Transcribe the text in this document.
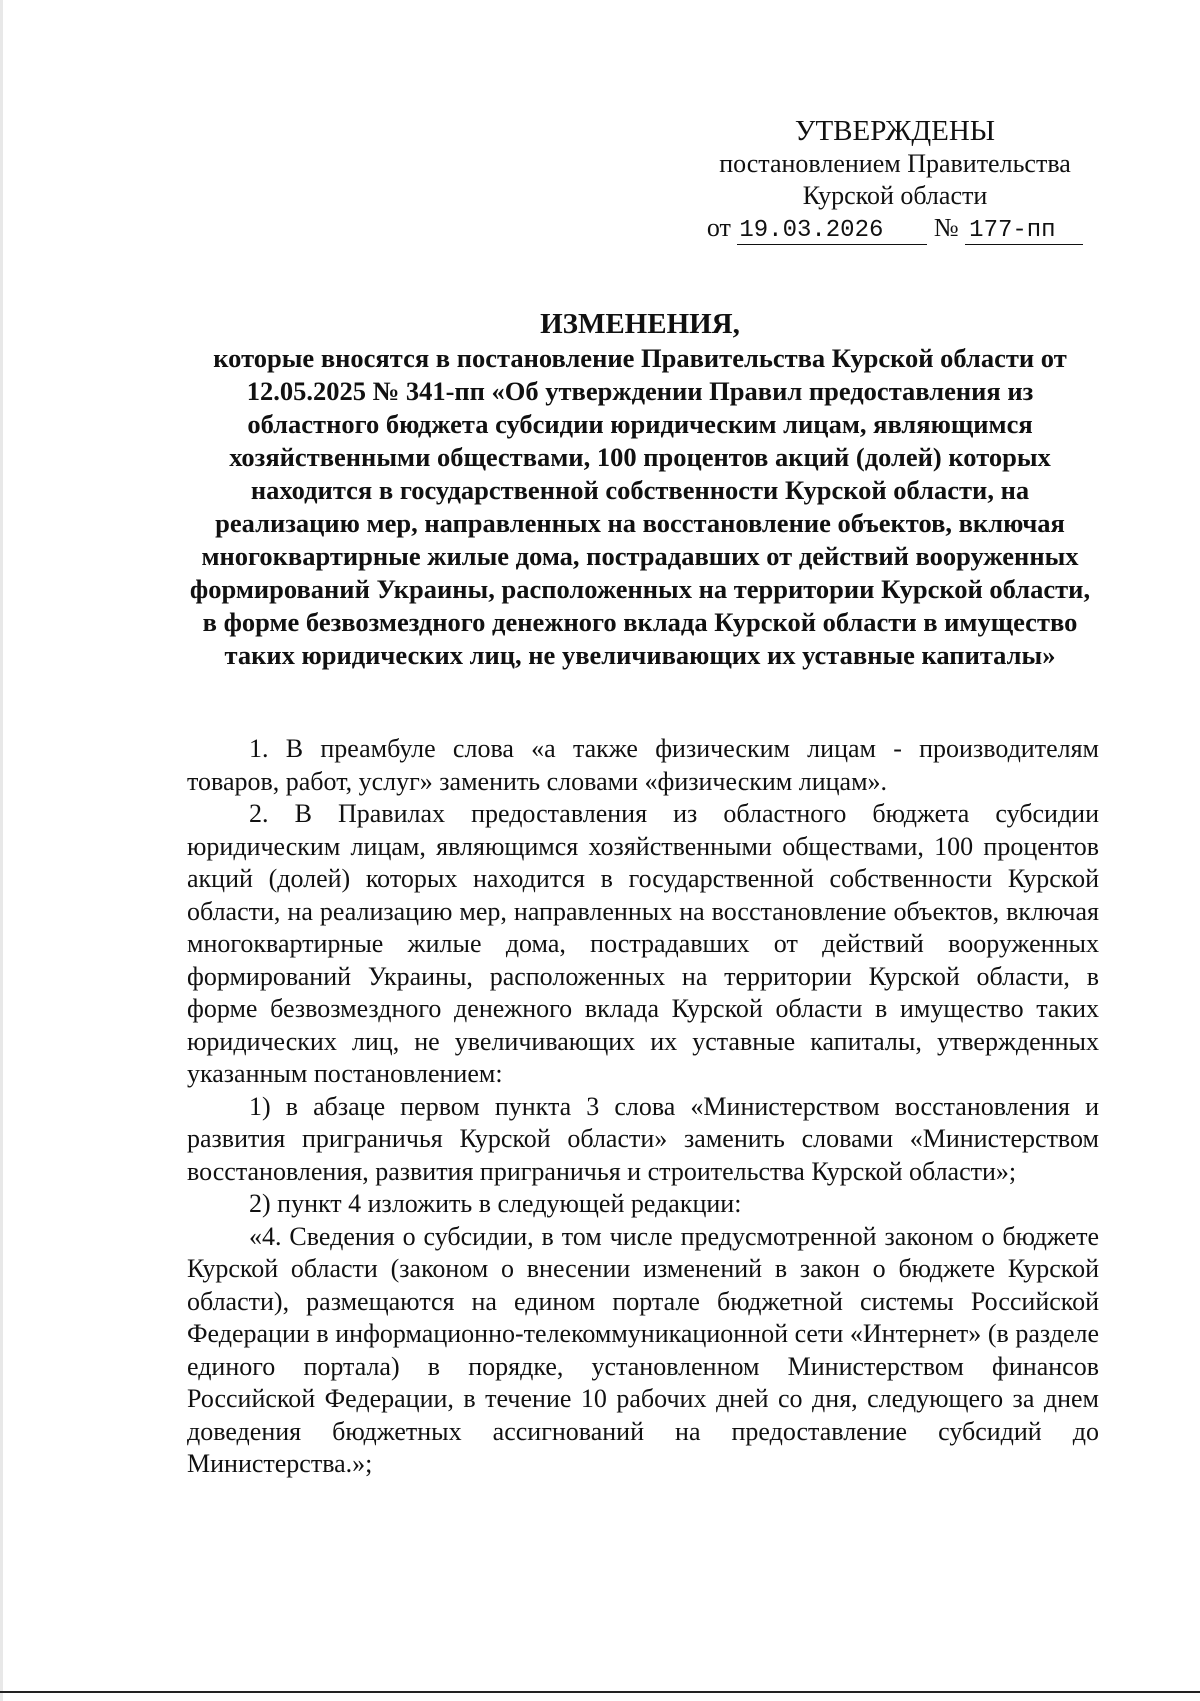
УТВЕРЖДЕНЫ
постановлением Правительства
Курской области
от 19.03.2026 № 177-пп
ИЗМЕНЕНИЯ,
которые вносятся в постановление Правительства Курской области от 12.05.2025 № 341-пп «Об утверждении Правил предоставления из областного бюджета субсидии юридическим лицам, являющимся хозяйственными обществами, 100 процентов акций (долей) которых находится в государственной собственности Курской области, на реализацию мер, направленных на восстановление объектов, включая многоквартирные жилые дома, пострадавших от действий вооруженных формирований Украины, расположенных на территории Курской области, в форме безвозмездного денежного вклада Курской области в имущество таких юридических лиц, не увеличивающих их уставные капиталы»

1. В преамбуле слова «а также физическим лицам - производителям товаров, работ, услуг» заменить словами «физическим лицам».

2. В Правилах предоставления из областного бюджета субсидии юридическим лицам, являющимся хозяйственными обществами, 100 процентов акций (долей) которых находится в государственной собственности Курской области, на реализацию мер, направленных на восстановление объектов, включая многоквартирные жилые дома, пострадавших от действий вооруженных формирований Украины, расположенных на территории Курской области, в форме безвозмездного денежного вклада Курской области в имущество таких юридических лиц, не увеличивающих их уставные капиталы, утвержденных указанным постановлением:

1) в абзаце первом пункта 3 слова «Министерством восстановления и развития приграничья Курской области» заменить словами «Министерством восстановления, развития приграничья и строительства Курской области»;

2) пункт 4 изложить в следующей редакции:

«4. Сведения о субсидии, в том числе предусмотренной законом о бюджете Курской области (законом о внесении изменений в закон о бюджете Курской области), размещаются на едином портале бюджетной системы Российской Федерации в информационно-телекоммуникационной сети «Интернет» (в разделе единого портала) в порядке, установленном Министерством финансов Российской Федерации, в течение 10 рабочих дней со дня, следующего за днем доведения бюджетных ассигнований на предоставление субсидий до Министерства.»;
